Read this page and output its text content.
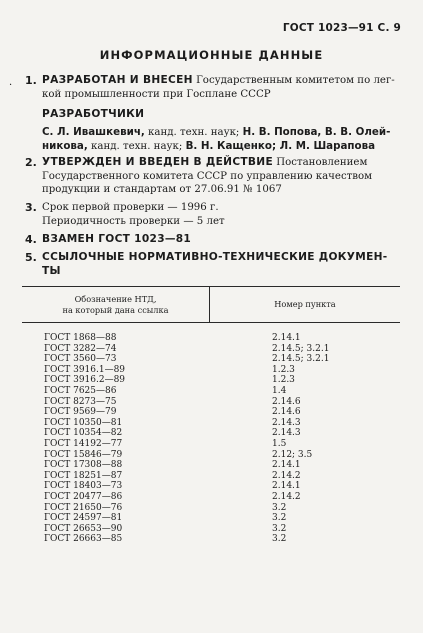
ГОСТ 1023—91 С. 9
ИНФОРМАЦИОННЫЕ ДАННЫЕ
· 1. РАЗРАБОТАН И ВНЕСЕН Государственным комитетом по лег-
кой промышленности при Госплане СССР
РАЗРАБОТЧИКИ
С. Л. Ивашкевич, канд. техн. наук; Н. В. Попова, В. В. Олей-
никова, канд. техн. наук; В. Н. Кащенко; Л. М. Шарапова
2. УТВЕРЖДЕН И ВВЕДЕН В ДЕЙСТВИЕ Постановлением
Государственного комитета СССР по управлению качеством
продукции и стандартам от 27.06.91 № 1067
3. Срок первой проверки — 1996 г.
Периодичность проверки — 5 лет
4. ВЗАМЕН ГОСТ 1023—81
5. ССЫЛОЧНЫЕ НОРМАТИВНО-ТЕХНИЧЕСКИЕ ДОКУМЕН-
ТЫ
Обозначение НТД,
на который дана ссылка	Номер пункта
ГОСТ 1868—88	2.14.1
ГОСТ 3282—74	2.14.5; 3.2.1
ГОСТ 3560—73	2.14.5; 3.2.1
ГОСТ 3916.1—89	1.2.3
ГОСТ 3916.2—89	1.2.3
ГОСТ 7625—86	1.4
ГОСТ 8273—75	2.14.6
ГОСТ 9569—79	2.14.6
ГОСТ 10350—81	2.14.3
ГОСТ 10354—82	2.14.3
ГОСТ 14192—77	1.5
ГОСТ 15846—79	2.12; 3.5
ГОСТ 17308—88	2.14.1
ГОСТ 18251—87	2.14.2
ГОСТ 18403—73	2.14.1
ГОСТ 20477—86	2.14.2
ГОСТ 21650—76	3.2
ГОСТ 24597—81	3.2
ГОСТ 26653—90	3.2
ГОСТ 26663—85	3.2
